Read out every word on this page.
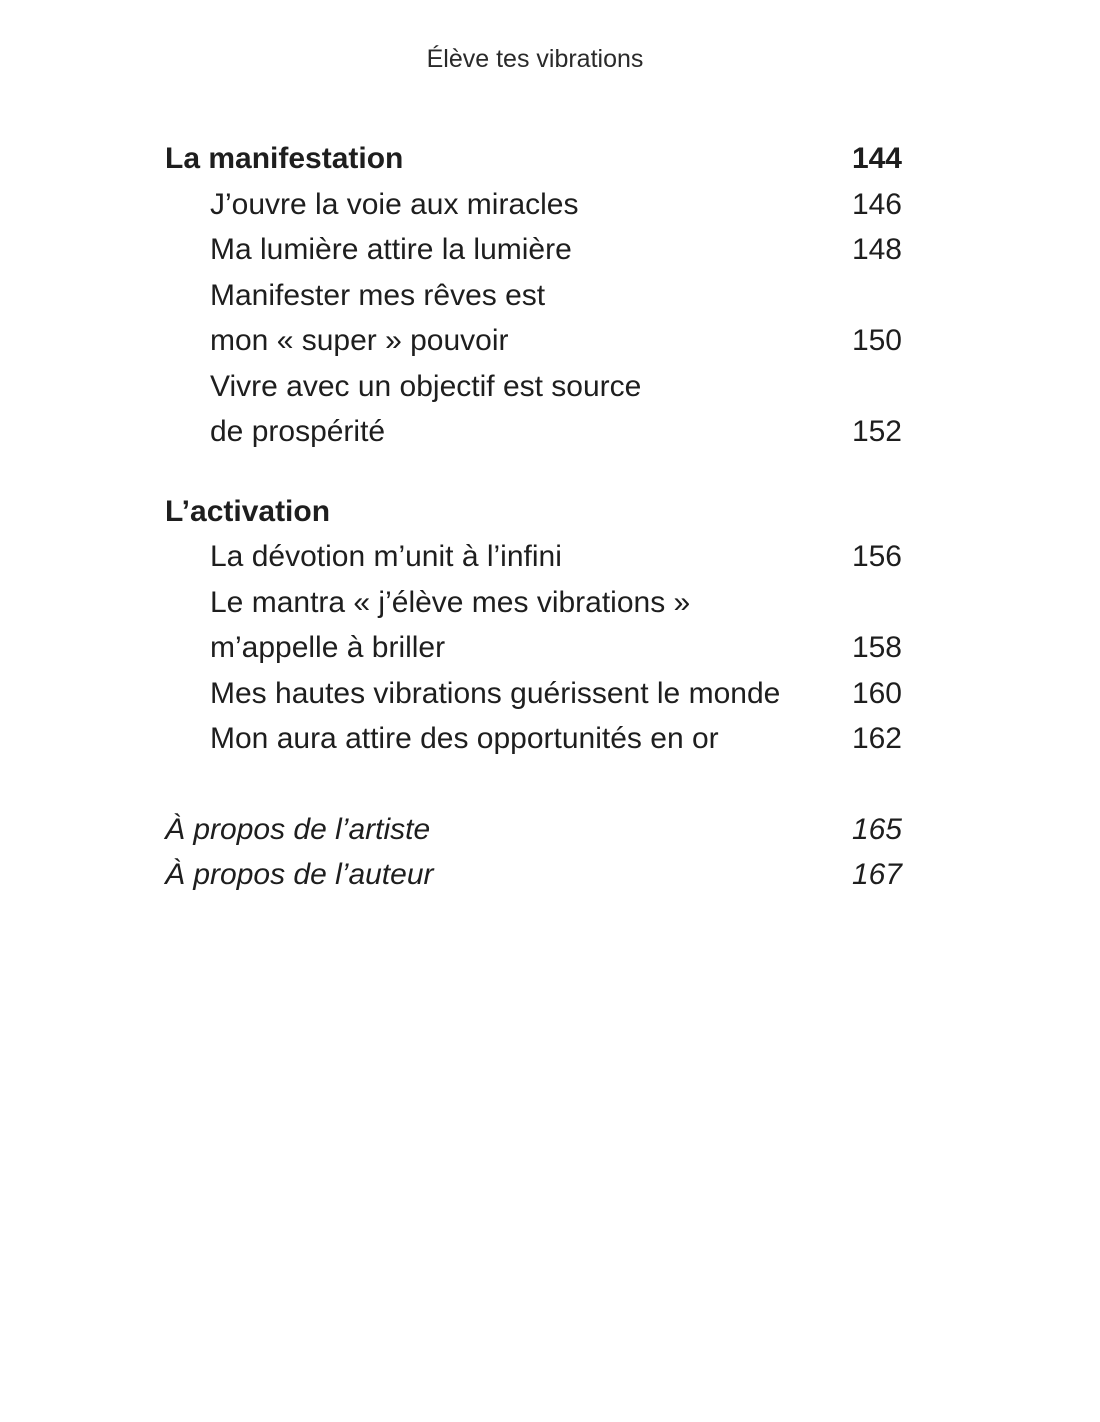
Élève tes vibrations
La manifestation	144
J’ouvre la voie aux miracles	146
Ma lumière attire la lumière	148
Manifester mes rêves est
mon « super » pouvoir	150
Vivre avec un objectif est source
de prospérité	152
L’activation
La dévotion m’unit à l’infini	156
Le mantra « j’élève mes vibrations »
m’appelle à briller	158
Mes hautes vibrations guérissent le monde 160
Mon aura attire des opportunités en or	162
À propos de l’artiste	165
À propos de l’auteur	167
